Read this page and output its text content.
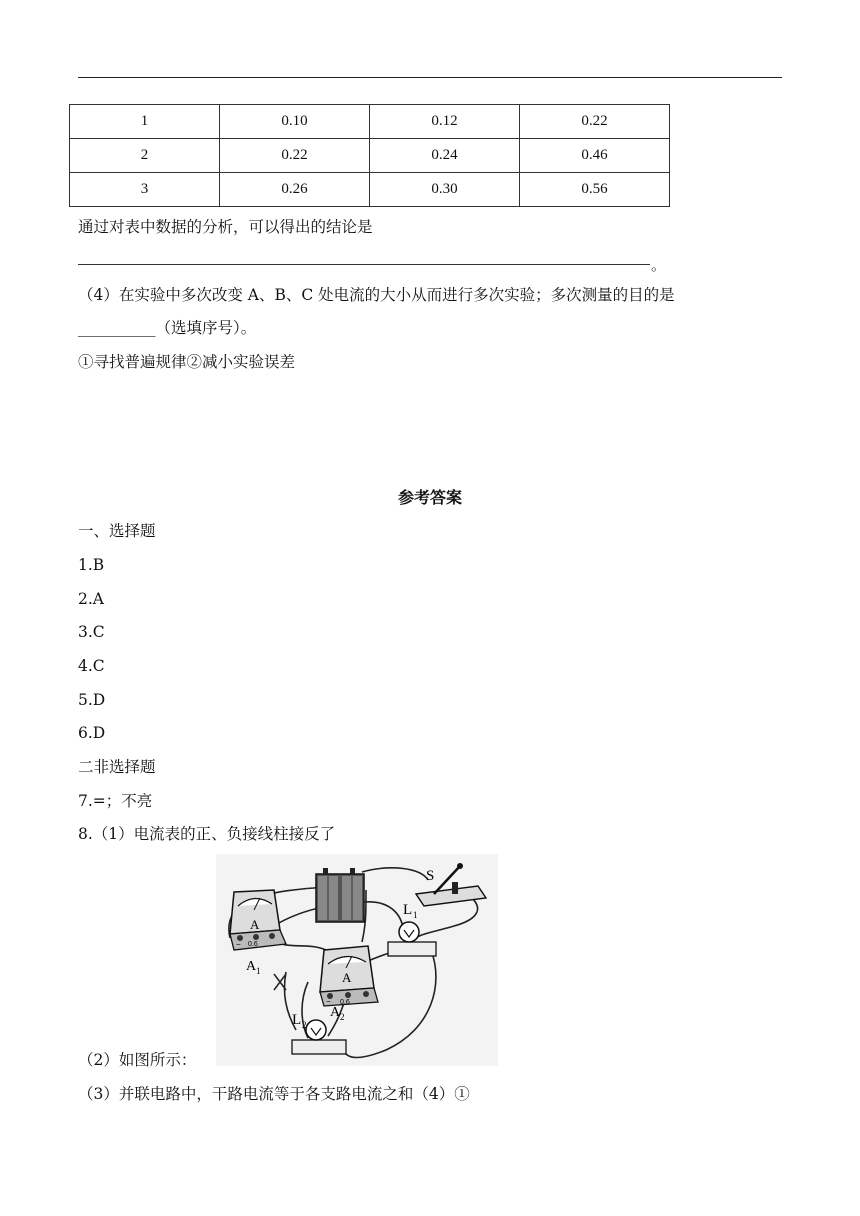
1	0.10	0.12	0.22
2	0.22	0.24	0.46
3	0.26	0.30	0.56
通过对表中数据的分析，可以得出的结论是
。
（4）在实验中多次改变 A、B、C 处电流的大小从而进行多次实验；多次测量的目的是
__________（选填序号）。
①寻找普遍规律②减小实验误差
参考答案
一、选择题
1.B
2.A
3.C
4.C
5.D
6.D
二非选择题
7.=；不亮
8.（1）电流表的正、负接线柱接反了
S
L 1
A
− 0.6
A 1	A
− 0.6
A 2
L 2
（2）如图所示：
（3）并联电路中，干路电流等于各支路电流之和（4）①
